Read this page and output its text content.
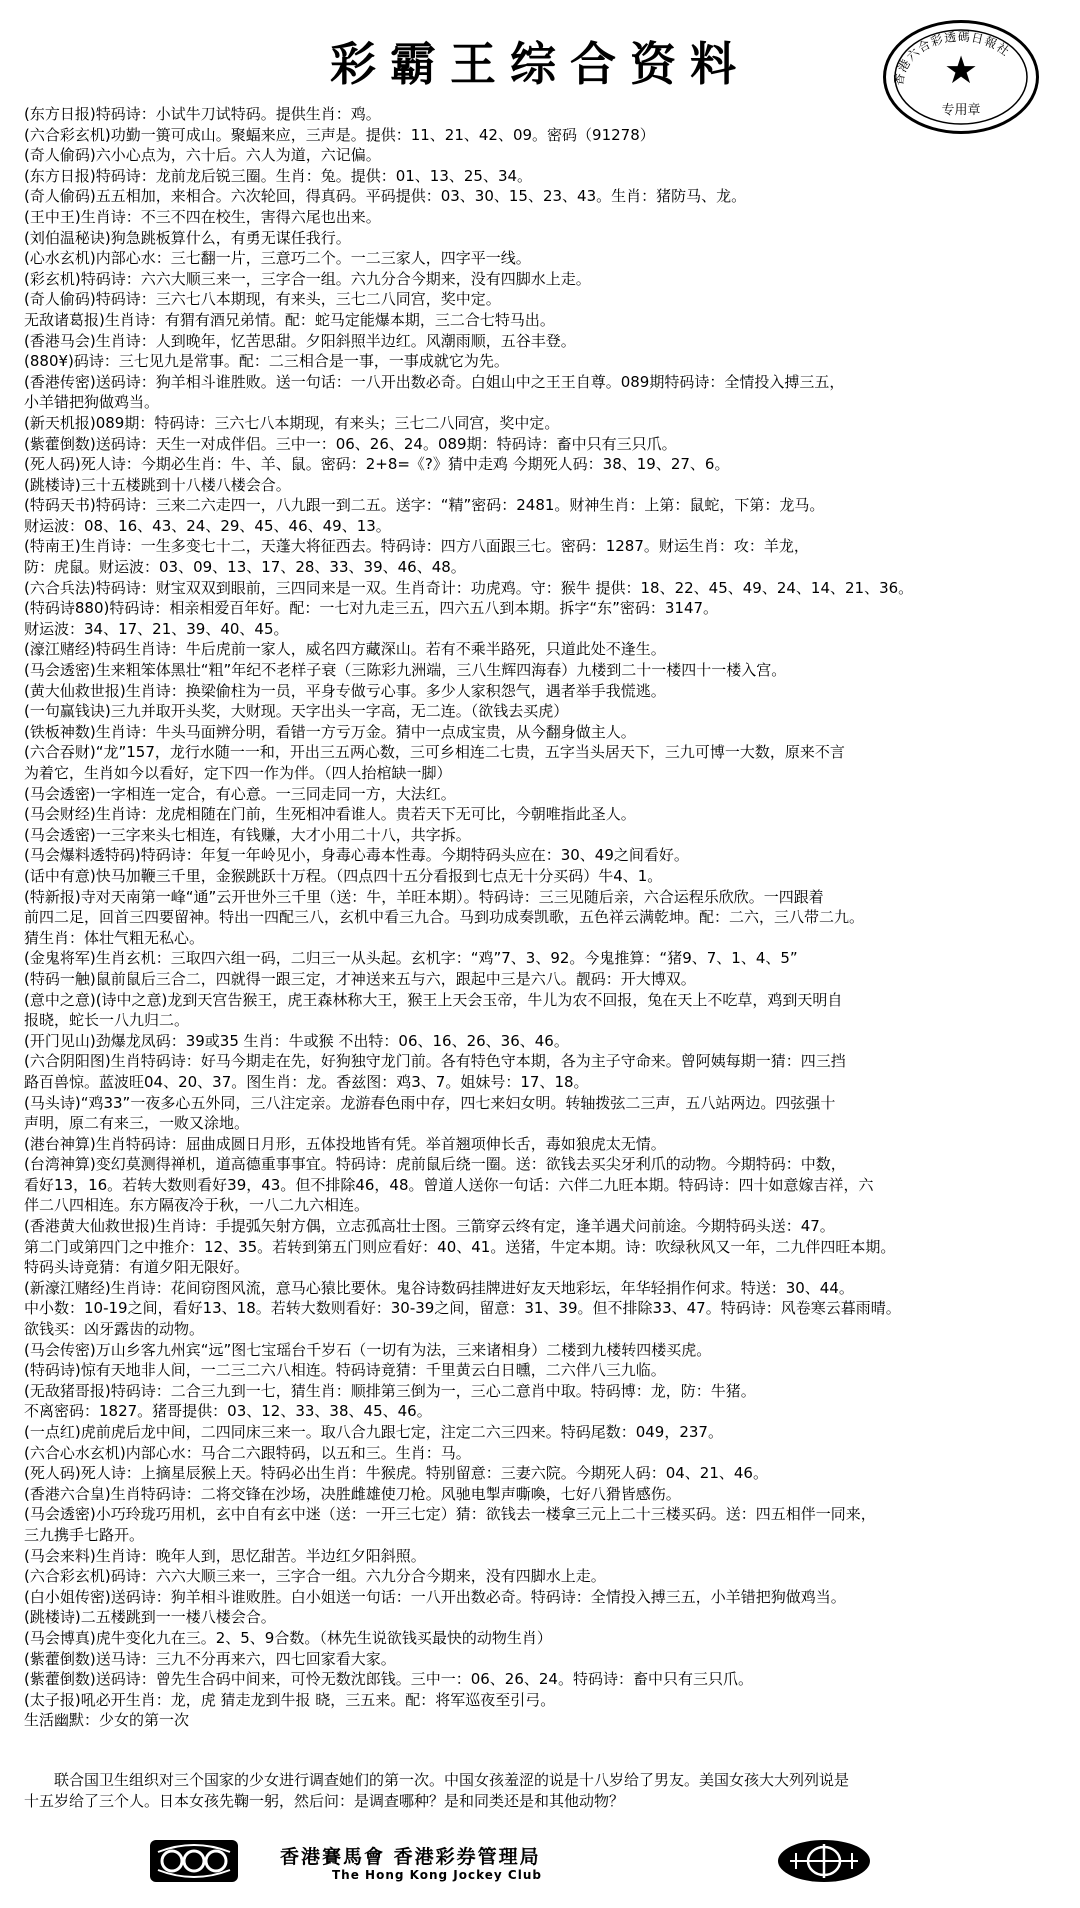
彩霸王综合资料	香港六合彩透碼日報社
★
专用章
(东方日报)特码诗：小试牛刀试特码。提供生肖：鸡。
(六合彩玄机)功勤一篑可成山。聚蝠来应，三声是。提供：11、21、42、09。密码（91278）
(奇人偷码)六小心点为，六十后。六人为道，六记偏。
(东方日报)特码诗：龙前龙后锐三圈。生肖：兔。提供：01、13、25、34。
(奇人偷码)五五相加，来相合。六次轮回，得真码。平码提供：03、30、15、23、43。生肖：猪防马、龙。
(王中王)生肖诗：不三不四在校生，害得六尾也出来。
(刘伯温秘诀)狗急跳板算什么，有勇无谋任我行。
(心水玄机)内部心水：三七翻一片，三意巧二个。一二三家人，四字平一线。
(彩玄机)特码诗：六六大顺三来一，三字合一组。六九分合今期来，没有四脚水上走。
(奇人偷码)特码诗：三六七八本期现，有来头，三七二八同宫，奖中定。
无敌诸葛报)生肖诗：有猬有酒兄弟情。配：蛇马定能爆本期，三二合七特马出。
(香港马会)生肖诗：人到晚年，忆苦思甜。夕阳斜照半边红。风潮雨顺，五谷丰登。
(880¥)码诗：三七见九是常事。配：二三相合是一事，一事成就它为先。
(香港传密)送码诗：狗羊相斗谁胜败。送一句话：一八开出数必奇。白姐山中之王王自尊。089期特码诗：全情投入搏三五，
小羊错把狗做鸡当。
(新天机报)089期：特码诗：三六七八本期现，有来头；三七二八同宫，奖中定。
(紫藿倒数)送码诗：天生一对成伴侣。三中一：06、26、24。089期：特码诗：畜中只有三只爪。
(死人码)死人诗：今期必生肖：牛、羊、鼠。密码：2+8=《?》猜中走鸡 今期死人码：38、19、27、6。
(跳楼诗)三十五楼跳到十八楼八楼会合。
(特码天书)特码诗：三来二六走四一，八九跟一到二五。送字：“精”密码：2481。财神生肖：上第：鼠蛇，下第：龙马。
财运波：08、16、43、24、29、45、46、49、13。
(特南王)生肖诗：一生多变七十二，天蓬大将征西去。特码诗：四方八面跟三七。密码：1287。财运生肖：攻：羊龙，
防：虎鼠。财运波：03、09、13、17、28、33、39、46、48。
(六合兵法)特码诗：财宝双双到眼前，三四同来是一双。生肖奇计：功虎鸡。守：猴牛 提供：18、22、45、49、24、14、21、36。
(特码诗880)特码诗：相亲相爱百年好。配：一七对九走三五，四六五八到本期。拆字“东”密码：3147。
财运波：34、17、21、39、40、45。
(濠江赌经)特码生肖诗：牛后虎前一家人，威名四方藏深山。若有不乘半路死，只道此处不逢生。
(马会透密)生来粗笨体黑壮“粗”年纪不老样子衰（三陈彩九洲端，三八生辉四海春）九楼到二十一楼四十一楼入宫。
(黄大仙救世报)生肖诗：换梁偷柱为一员，平身专做亏心事。多少人家积怨气，遇者举手我慌逃。
(一句赢钱诀)三九并取开头奖，大财现。天字出头一字高，无二连。（欲钱去买虎）
(铁板神数)生肖诗：牛头马面辨分明，看错一方亏万金。猜中一点成宝贵，从今翻身做主人。
(六合吞财)“龙”157，龙行水随一一和，开出三五两心数，三可乡相连二七贵，五字当头居天下，三九可博一大数，原来不言
为着它，生肖如今以看好，定下四一作为伴。（四人抬棺缺一脚）
(马会透密)一字相连一定合，有心意。一三同走同一方，大法红。
(马会财经)生肖诗：龙虎相随在门前，生死相冲看谁人。贵若天下无可比，今朝唯指此圣人。
(马会透密)一三字来头七相连，有钱赚，大才小用二十八，共字拆。
(马会爆料透特码)特码诗：年复一年岭见小，身毒心毒本性毒。今期特码头应在：30、49之间看好。
(话中有意)快马加鞭三千里，金猴跳跃十万程。（四点四十五分看报到七点无十分买码）牛4、1。
(特新报)寺对天南第一峰“通”云开世外三千里（送：牛，羊旺本期）。特码诗：三三见随后亲，六合运程乐欣欣。一四跟着
前四二足，回首三四要留神。特出一四配三八，玄机中看三九合。马到功成奏凯歌，五色祥云满乾坤。配：二六，三八带二九。
猜生肖：体壮气粗无私心。
(金鬼将军)生肖玄机：三取四六组一码，二归三一从头起。玄机字：“鸡”7、3、92。今鬼推算：“猪9、7、1、4、5”
(特码一触)鼠前鼠后三合二，四就得一跟三定，才神送来五与六，跟起中三是六八。靓码：开大博双。
(意中之意)(诗中之意)龙到天宫告猴王，虎王森林称大王，猴王上天会玉帝，牛儿为农不回报，兔在天上不吃草，鸡到天明自
报晓，蛇长一八九归二。
(开门见山)劲爆龙凤码：39或35 生肖：牛或猴 不出特：06、16、26、36、46。
(六合阴阳图)生肖特码诗：好马今期走在先，好狗独守龙门前。各有特色守本期，各为主子守命来。曾阿姨每期一猜：四三挡
路百兽惊。蓝波旺04、20、37。图生肖：龙。香兹图：鸡3、7。姐妹号：17、18。
(马头诗)“鸡33”一夜多心五外同，三八注定亲。龙游春色雨中存，四七来妇女明。转轴拨弦二三声，五八站两边。四弦强十
声明，原二有来三，一败又涂地。
(港台神算)生肖特码诗：屈曲成圆日月形，五体投地皆有凭。举首翘项伸长舌，毒如狼虎太无情。
(台湾神算)变幻莫测得禅机，道高德重事事宜。特码诗：虎前鼠后绕一圈。送：欲钱去买尖牙利爪的动物。今期特码：中数，
看好13，16。若转大数则看好39，43。但不排除46，48。曾道人送你一句话：六伴二九旺本期。特码诗：四十如意嫁吉祥，六
伴二八四相连。东方隔夜冷于秋，一八二九六相连。
(香港黄大仙救世报)生肖诗：手提弧矢射方偶，立志孤高壮士图。三箭穿云终有定，逢羊遇犬问前途。今期特码头送：47。
第二门或第四门之中推介：12、35。若转到第五门则应看好：40、41。送猪，牛定本期。诗：吹绿秋风又一年，二九伴四旺本期。
特码头诗竟猜：有道夕阳无限好。
(新濠江赌经)生肖诗：花间窃图风流，意马心猿比要休。鬼谷诗数码挂牌进好友天地彩坛，年华轻捐作何求。特送：30、44。
中小数：10-19之间，看好13、18。若转大数则看好：30-39之间，留意：31、39。但不排除33、47。特码诗：风卷寒云暮雨晴。
欲钱买：凶牙露齿的动物。
(马会传密)万山乡客九州宾“远”图七宝瑶台千岁石（一切有为法，三来诸相身）二楼到九楼转四楼买虎。
(特码诗)惊有天地非人间，一二三二六八相连。特码诗竟猜：千里黄云白日曛，二六伴八三九临。
(无敌猪哥报)特码诗：二合三九到一七，猜生肖：顺排第三倒为一，三心二意肖中取。特码博：龙，防：牛猪。
不离密码：1827。猪哥提供：03、12、33、38、45、46。
(一点红)虎前虎后龙中间，二四同床三来一。取八合九跟七定，注定二六三四来。特码尾数：049，237。
(六合心水玄机)内部心水：马合二六跟特码，以五和三。生肖：马。
(死人码)死人诗：上摘星辰猴上天。特码必出生肖：牛猴虎。特别留意：三妻六院。今期死人码：04、21、46。
(香港六合皇)生肖特码诗：二将交锋在沙场，决胜雌雄使刀枪。风驰电掣声嘶喚，七好八猾皆感伤。
(马会透密)小巧玲珑巧用机，玄中自有玄中迷（送：一开三七定）猜：欲钱去一楼拿三元上二十三楼买码。送：四五相伴一同来，
三九携手七路开。
(马会来料)生肖诗：晚年人到，思忆甜苦。半边红夕阳斜照。
(六合彩玄机)码诗：六六大顺三来一，三字合一组。六九分合今期来，没有四脚水上走。
(白小姐传密)送码诗：狗羊相斗谁败胜。白小姐送一句话：一八开出数必奇。特码诗：全情投入搏三五，小羊错把狗做鸡当。
(跳楼诗)二五楼跳到一一楼八楼会合。
(马会博真)虎牛变化九在三。2、5、9合数。（林先生说欲钱买最快的动物生肖）
(紫藿倒数)送马诗：三九不分再来六，四七回家看大家。
(紫藿倒数)送码诗：曾先生合码中间来，可怜无数沈郎钱。三中一：06、26、24。特码诗：畜中只有三只爪。
(太子报)吼必开生肖：龙，虎 猜走龙到牛报 晓，三五来。配：将军巡夜至引弓。
生活幽默：少女的第一次
联合国卫生组织对三个国家的少女进行调查她们的第一次。中国女孩羞涩的说是十八岁给了男友。美国女孩大大列列说是
十五岁给了三个人。日本女孩先鞠一躬，然后问：是调查哪种？是和同类还是和其他动物？
香港賽馬會 香港彩券管理局
The Hong Kong Jockey Club
